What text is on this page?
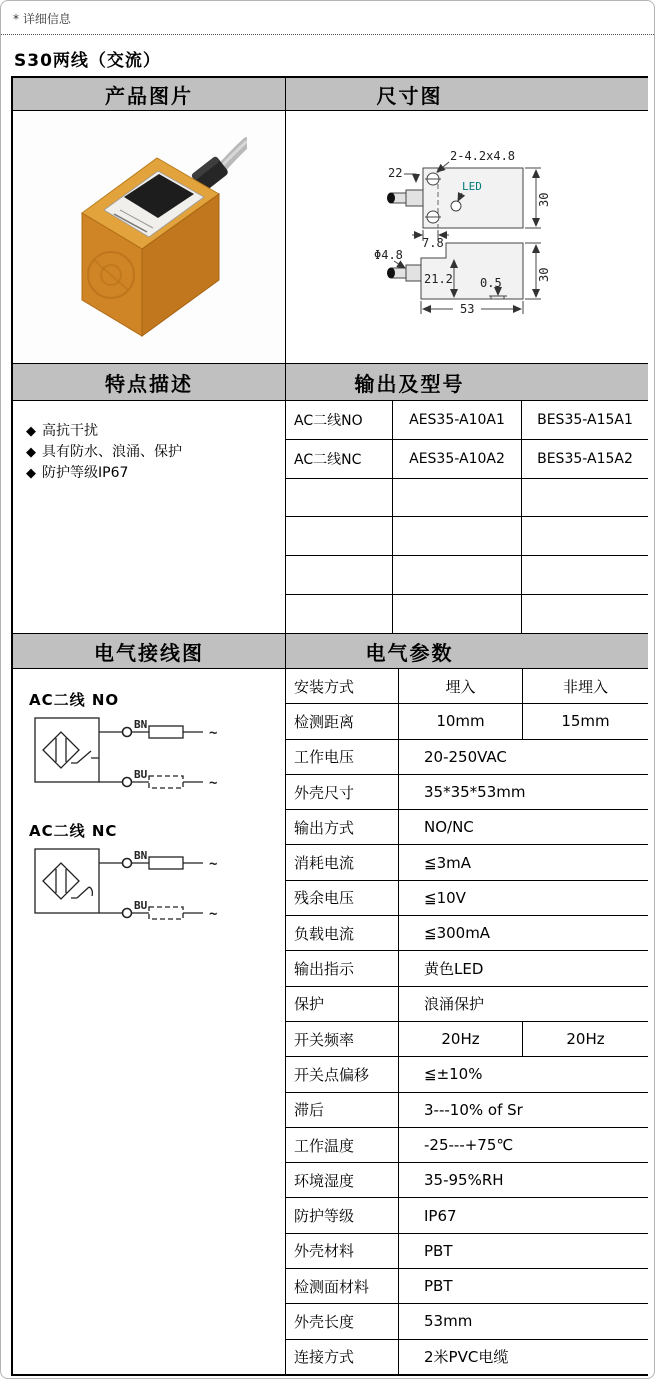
* 详细信息
S30两线（交流）
产品图片	尺寸图
2-4.2x4.8
22
LED
7.8
30
Φ4.8
21.2 0.5
53
30
特点描述	输出及型号
◆ 高抗干扰
◆ 具有防水、浪涌、保护
◆ 防护等级IP67
AC二线NO	AES35-A10A1	BES35-A15A1
AC二线NC	AES35-A10A2	BES35-A15A2
电气接线图	电气参数
AC二线 NO
BN
BU
~
~
AC二线 NC
BN
BU
~
~
安装方式	埋入	非埋入
检测距离	10mm	15mm
工作电压	20-250VAC
外壳尺寸	35*35*53mm
输出方式	NO/NC
消耗电流	≦3mA
残余电压	≦10V
负载电流	≦300mA
输出指示	黄色LED
保护	浪涌保护
开关频率	20Hz	20Hz
开关点偏移	≦±10%
滞后	3---10% of Sr
工作温度	-25---+75℃
环境湿度	35-95%RH
防护等级	IP67
外壳材料	PBT
检测面材料	PBT
外壳长度	53mm
连接方式	2米PVC电缆
